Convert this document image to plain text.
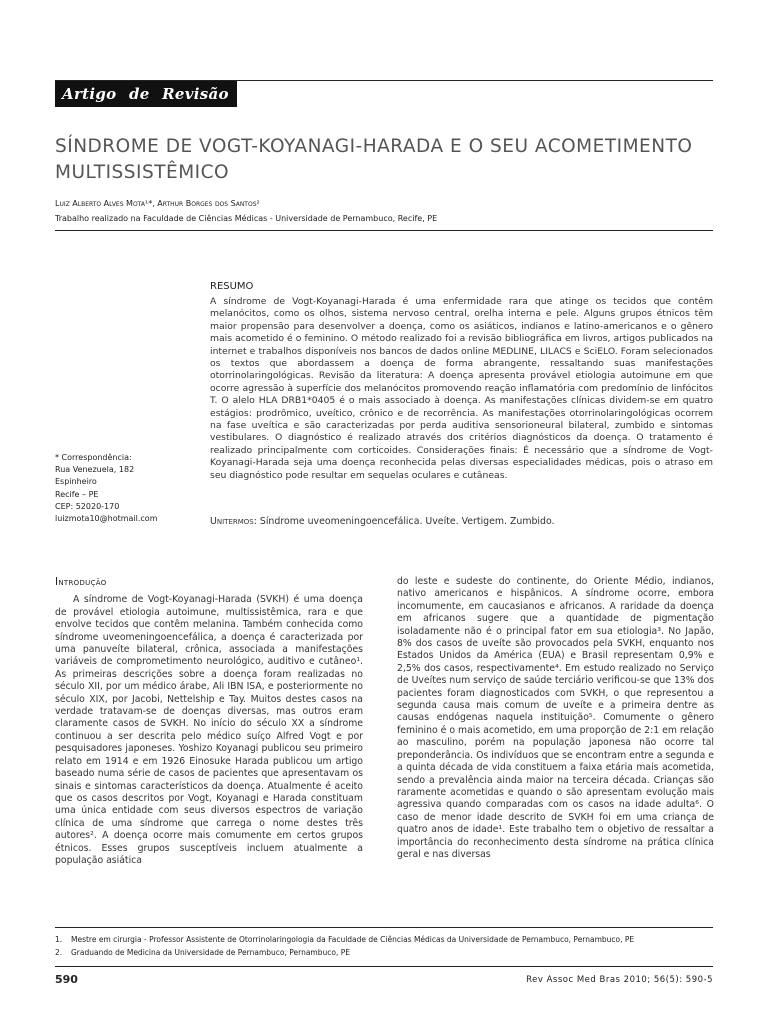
Artigo de Revisão
SÍNDROME DE VOGT-KOYANAGI-HARADA E O SEU ACOMETIMENTO MULTISSISTÊMICO
Luiz Alberto Alves Mota¹*, Arthur Borges dos Santos²
Trabalho realizado na Faculdade de Ciências Médicas - Universidade de Pernambuco, Recife, PE
RESUMO

A síndrome de Vogt-Koyanagi-Harada é uma enfermidade rara que atinge os tecidos que contêm melanócitos, como os olhos, sistema nervoso central, orelha interna e pele. Alguns grupos étnicos têm maior propensão para desenvolver a doença, como os asiáticos, indianos e latino-americanos e o gênero mais acometido é o feminino. O método realizado foi a revisão bibliográfica em livros, artigos publicados na internet e trabalhos disponíveis nos bancos de dados online MEDLINE, LILACS e SciELO. Foram selecionados os textos que abordassem a doença de forma abrangente, ressaltando suas manifestações otorrinolaringológicas. Revisão da literatura: A doença apresenta provável etiologia autoimune em que ocorre agressão à superfície dos melanócitos promovendo reação inflamatória com predomínio de linfócitos T. O alelo HLA DRB1*0405 é o mais associado à doença. As manifestações clínicas dividem-se em quatro estágios: prodrômico, uveítico, crônico e de recorrência. As manifestações otorrinolaringológicas ocorrem na fase uveítica e são caracterizadas por perda auditiva sensorioneural bilateral, zumbido e sintomas vestibulares. O diagnóstico é realizado através dos critérios diagnósticos da doença. O tratamento é realizado principalmente com corticoides. Considerações finais: É necessário que a síndrome de Vogt-Koyanagi-Harada seja uma doença reconhecida pelas diversas especialidades médicas, pois o atraso em seu diagnóstico pode resultar em sequelas oculares e cutâneas.

Unitermos: Síndrome uveomeningoencefálica. Uveíte. Vertigem. Zumbido.
* Correspondência:
Rua Venezuela, 182
Espinheiro
Recife – PE
CEP: 52020-170
luizmota10@hotmail.com
Introdução

A síndrome de Vogt-Koyanagi-Harada (SVKH) é uma doença de provável etiologia autoimune, multissistêmica, rara e que envolve tecidos que contêm melanina. Também conhecida como síndrome uveomeningoencefálica, a doença é caracterizada por uma panuveíte bilateral, crônica, associada a manifestações variáveis de comprometimento neurológico, auditivo e cutâneo¹. As primeiras descrições sobre a doença foram realizadas no século XII, por um médico árabe, Ali IBN ISA, e posteriormente no século XIX, por Jacobi, Nettelship e Tay. Muitos destes casos na verdade tratavam-se de doenças diversas, mas outros eram claramente casos de SVKH. No início do século XX a síndrome continuou a ser descrita pelo médico suíço Alfred Vogt e por pesquisadores japoneses. Yoshizo Koyanagi publicou seu primeiro relato em 1914 e em 1926 Einosuke Harada publicou um artigo baseado numa série de casos de pacientes que apresentavam os sinais e sintomas característicos da doença. Atualmente é aceito que os casos descritos por Vogt, Koyanagi e Harada constituam uma única entidade com seus diversos espectros de variação clínica de uma síndrome que carrega o nome destes três autores². A doença ocorre mais comumente em certos grupos étnicos. Esses grupos susceptíveis incluem atualmente a população asiática

do leste e sudeste do continente, do Oriente Médio, indianos, nativo americanos e hispânicos. A síndrome ocorre, embora incomumente, em caucasianos e africanos. A raridade da doença em africanos sugere que a quantidade de pigmentação isoladamente não é o principal fator em sua etiologia³. No Japão, 8% dos casos de uveíte são provocados pela SVKH, enquanto nos Estados Unidos da América (EUA) e Brasil representam 0,9% e 2,5% dos casos, respectivamente⁴. Em estudo realizado no Serviço de Uveítes num serviço de saúde terciário verificou-se que 13% dos pacientes foram diagnosticados com SVKH, o que representou a segunda causa mais comum de uveíte e a primeira dentre as causas endógenas naquela instituição⁵. Comumente o gênero feminino é o mais acometido, em uma proporção de 2:1 em relação ao masculino, porém na população japonesa não ocorre tal preponderância. Os indivíduos que se encontram entre a segunda e a quinta década de vida constituem a faixa etária mais acometida, sendo a prevalência ainda maior na terceira década. Crianças são raramente acometidas e quando o são apresentam evolução mais agressiva quando comparadas com os casos na idade adulta⁶. O caso de menor idade descrito de SVKH foi em uma criança de quatro anos de idade¹. Este trabalho tem o objetivo de ressaltar a importância do reconhecimento desta síndrome na prática clínica geral e nas diversas

1. Mestre em cirurgia - Professor Assistente de Otorrinolaringologia da Faculdade de Ciências Médicas da Universidade de Pernambuco, Pernambuco, PE
2. Graduando de Medicina da Universidade de Pernambuco, Pernambuco, PE
590	Rev Assoc Med Bras 2010; 56(5): 590-5
